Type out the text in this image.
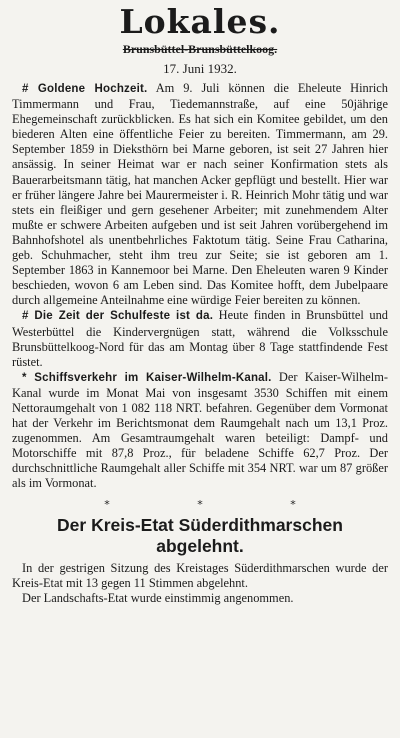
Lokales.
Brunsbüttel-Brunsbüttelkoog.
17. Juni 1932.

# Goldene Hochzeit. Am 9. Juli können die Eheleute Hinrich Timmermann und Frau, Tiedemannstraße, auf eine 50jährige Ehegemeinschaft zurückblicken. Es hat sich ein Komitee gebildet, um den biederen Alten eine öffentliche Feier zu bereiten. Timmermann, am 29. September 1859 in Dieksthörn bei Marne geboren, ist seit 27 Jahren hier ansässig. In seiner Heimat war er nach seiner Konfirmation stets als Bauerarbeitsmann tätig, hat manchen Acker gepflügt und bestellt. Hier war er früher längere Jahre bei Maurermeister i. R. Heinrich Mohr tätig und war stets ein fleißiger und gern gesehener Arbeiter; mit zunehmendem Alter mußte er schwere Arbeiten aufgeben und ist seit Jahren vorübergehend im Bahnhofshotel als unentbehrliches Faktotum tätig. Seine Frau Catharina, geb. Schuhmacher, steht ihm treu zur Seite; sie ist geboren am 1. September 1863 in Kannemoor bei Marne. Den Eheleuten waren 9 Kinder beschieden, wovon 6 am Leben sind. Das Komitee hofft, dem Jubelpaare durch allgemeine Anteilnahme eine würdige Feier bereiten zu können.

# Die Zeit der Schulfeste ist da. Heute finden in Brunsbüttel und Westerbüttel die Kindervergnügen statt, während die Volksschule Brunsbüttelkoog-Nord für das am Montag über 8 Tage stattfindende Fest rüstet.

* Schiffsverkehr im Kaiser-Wilhelm-Kanal. Der Kaiser-Wilhelm-Kanal wurde im Monat Mai von insgesamt 3530 Schiffen mit einem Nettoraumgehalt von 1 082 118 NRT. befahren. Gegenüber dem Vormonat hat der Verkehr im Berichtsmonat dem Raumgehalt nach um 13,1 Proz. zugenommen. Am Gesamtraumgehalt waren beteiligt: Dampf- und Motorschiffe mit 87,8 Proz., für beladene Schiffe 62,7 Proz. Der durchschnittliche Raumgehalt aller Schiffe mit 354 NRT. war um 87 größer als im Vormonat.

* * *
Der Kreis-Etat Süderdithmarschen
abgelehnt.

In der gestrigen Sitzung des Kreistages Süderdithmarschen wurde der Kreis-Etat mit 13 gegen 11 Stimmen abgelehnt.

Der Landschafts-Etat wurde einstimmig angenommen.
